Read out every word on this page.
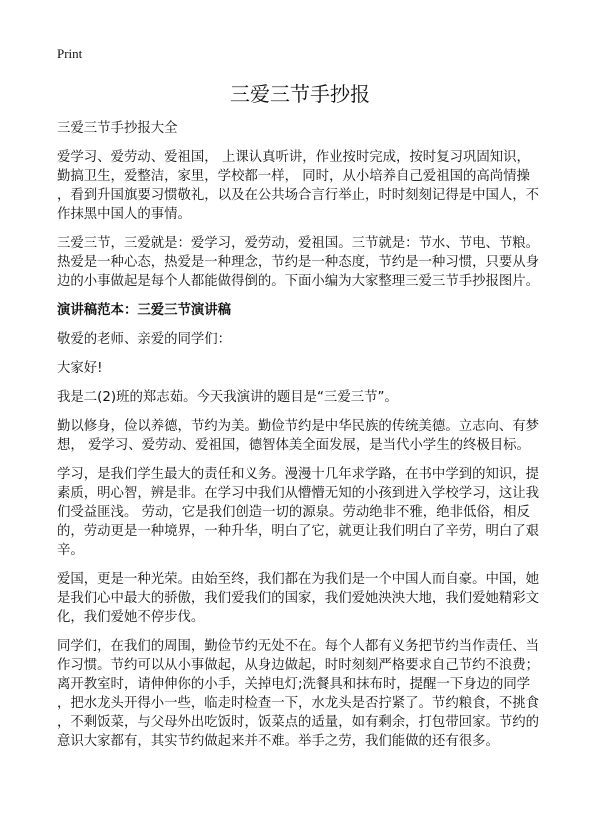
Print
三爱三节手抄报
三爱三节手抄报大全
爱学习、爱劳动、爱祖国， 上课认真听讲，作业按时完成，按时复习巩固知识，
勤搞卫生，爱整洁，家里，学校都一样， 同时，从小培养自己爱祖国的高尚情操
，看到升国旗要习惯敬礼，以及在公共场合言行举止，时时刻刻记得是中国人，不
作抹黑中国人的事情。
三爱三节，三爱就是：爱学习，爱劳动，爱祖国。三节就是：节水、节电、节粮。
热爱是一种心态，热爱是一种理念，节约是一种态度，节约是一种习惯，只要从身
边的小事做起是每个人都能做得倒的。下面小编为大家整理三爱三节手抄报图片。
演讲稿范本：三爱三节演讲稿
敬爱的老师、亲爱的同学们：
大家好!
我是二(2)班的郑志茹。今天我演讲的题目是“三爱三节”。
勤以修身，俭以养德，节约为美。勤俭节约是中华民族的传统美德。立志向、有梦
想， 爱学习、爱劳动、爱祖国，德智体美全面发展，是当代小学生的终极目标。
学习，是我们学生最大的责任和义务。漫漫十几年求学路，在书中学到的知识，提
素质，明心智，辨是非。在学习中我们从懵懵无知的小孩到进入学校学习，这让我
们受益匪浅。 劳动，它是我们创造一切的源泉。劳动绝非不雅，绝非低俗，相反
的，劳动更是一种境界，一种升华，明白了它，就更让我们明白了辛劳，明白了艰
辛。
爱国，更是一种光荣。由始至终，我们都在为我们是一个中国人而自豪。中国，她
是我们心中最大的骄傲，我们爱我们的国家，我们爱她泱泱大地，我们爱她精彩文
化，我们爱她不停步伐。
同学们，在我们的周围，勤俭节约无处不在。每个人都有义务把节约当作责任、当
作习惯。节约可以从小事做起，从身边做起，时时刻刻严格要求自己节约不浪费；
离开教室时，请伸伸你的小手，关掉电灯;洗餐具和抹布时，提醒一下身边的同学
，把水龙头开得小一些，临走时检查一下，水龙头是否拧紧了。节约粮食，不挑食
，不剩饭菜，与父母外出吃饭时，饭菜点的适量，如有剩余，打包带回家。节约的
意识大家都有，其实节约做起来并不难。举手之劳，我们能做的还有很多。
